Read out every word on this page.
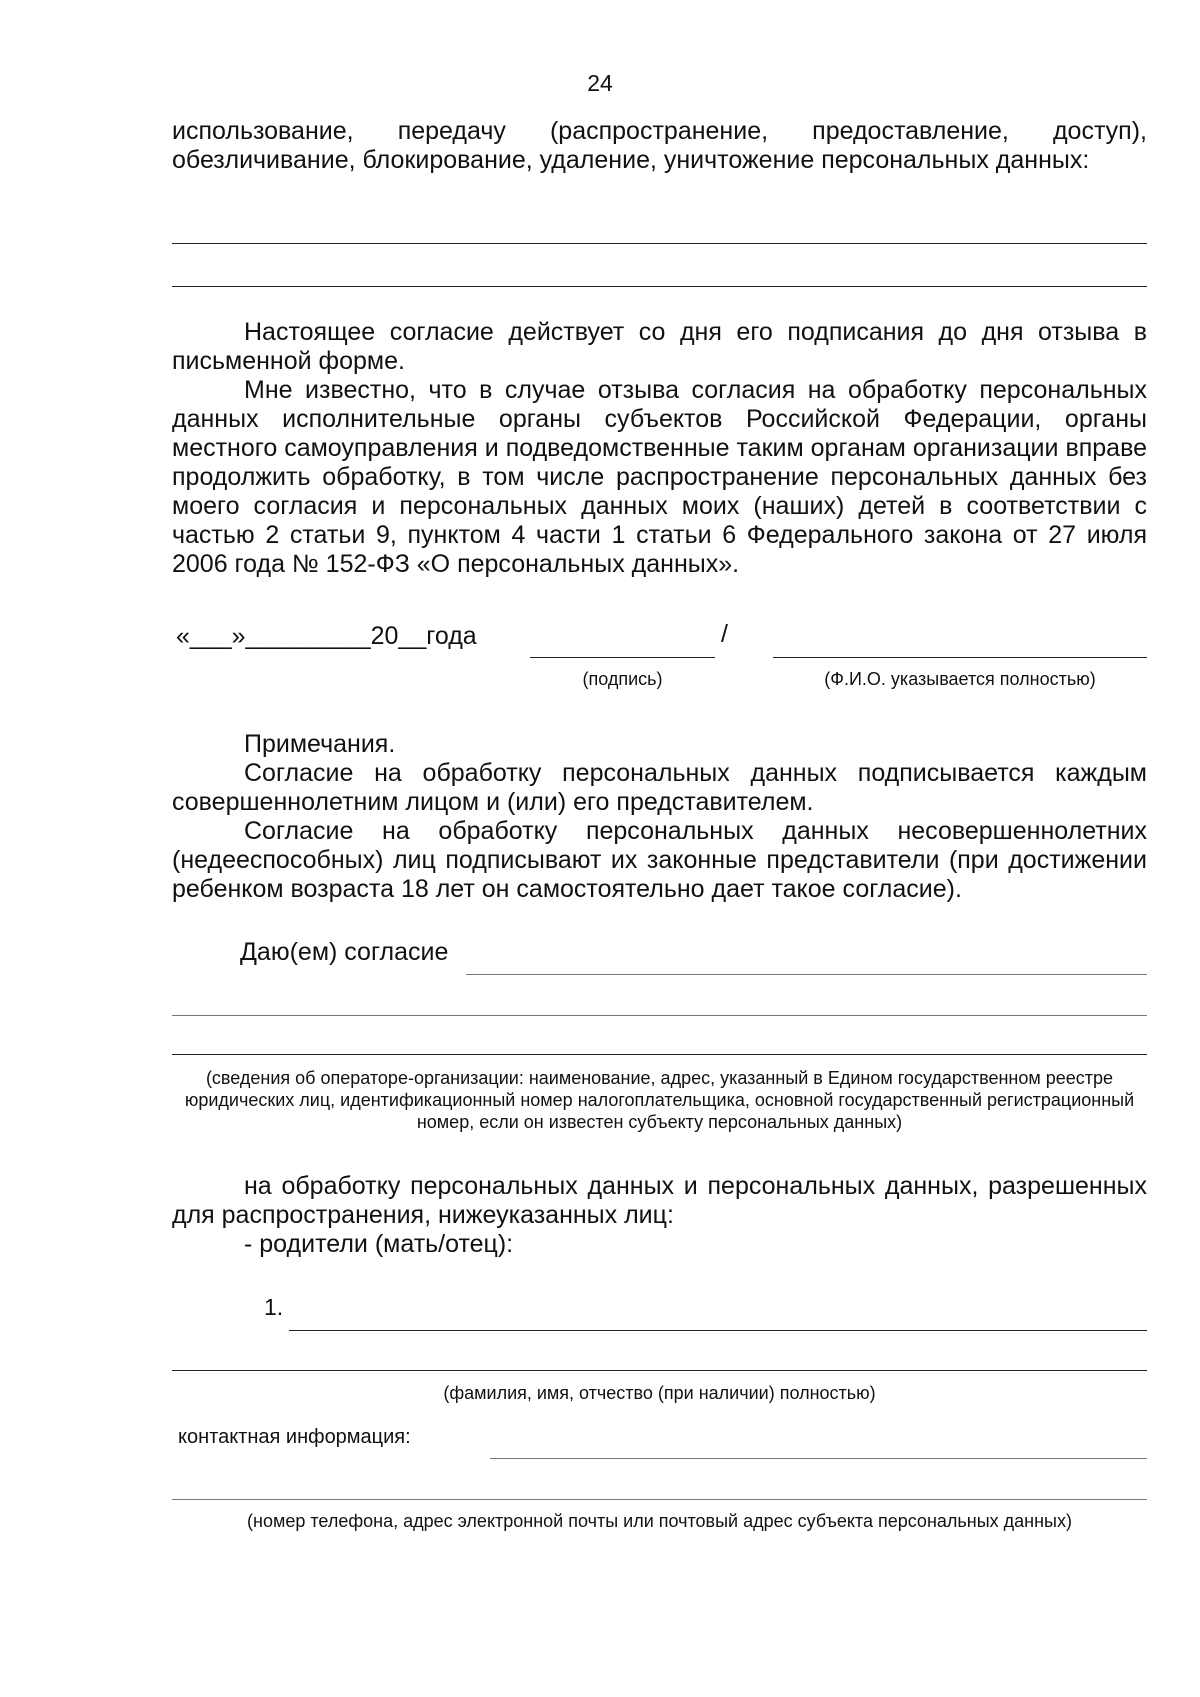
24
использование, передачу (распространение, предоставление, доступ),
обезличивание, блокирование, удаление, уничтожение персональных данных:
Настоящее согласие действует со дня его подписания до дня отзыва в письменной форме.
Мне известно, что в случае отзыва согласия на обработку персональных данных исполнительные органы субъектов Российской Федерации, органы местного самоуправления и подведомственные таким органам организации вправе продолжить обработку, в том числе распространение персональных данных без моего согласия и персональных данных моих (наших) детей в соответствии с частью 2 статьи 9, пунктом 4 части 1 статьи 6 Федерального закона от 27 июля 2006 года № 152-ФЗ «О персональных данных».
«___»_________20__года	/
(подпись)	(Ф.И.О. указывается полностью)
Примечания.
Согласие на обработку персональных данных подписывается каждым совершеннолетним лицом и (или) его представителем.
Согласие на обработку персональных данных несовершеннолетних (недееспособных) лиц подписывают их законные представители (при достижении ребенком возраста 18 лет он самостоятельно дает такое согласие).
Даю(ем) согласие
(сведения об операторе-организации: наименование, адрес, указанный в Едином государственном реестре юридических лиц, идентификационный номер налогоплательщика, основной государственный регистрационный номер, если он известен субъекту персональных данных)
на обработку персональных данных и персональных данных, разрешенных для распространения, нижеуказанных лиц:
- родители (мать/отец):
1.
(фамилия, имя, отчество (при наличии) полностью)
контактная информация:
(номер телефона, адрес электронной почты или почтовый адрес субъекта персональных данных)
